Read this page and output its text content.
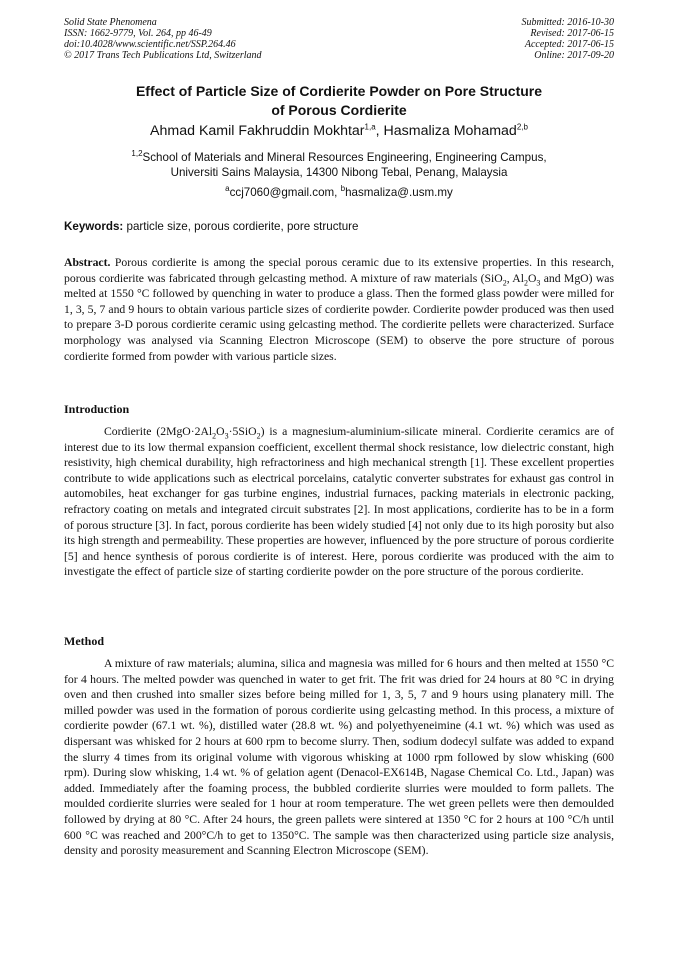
Solid State Phenomena
ISSN: 1662-9779, Vol. 264, pp 46-49
doi:10.4028/www.scientific.net/SSP.264.46
© 2017 Trans Tech Publications Ltd, Switzerland
Submitted: 2016-10-30
Revised: 2017-06-15
Accepted: 2017-06-15
Online: 2017-09-20
Effect of Particle Size of Cordierite Powder on Pore Structure
of Porous Cordierite
Ahmad Kamil Fakhruddin Mokhtar$^{1,a}$, Hasmaliza Mohamad$^{2,b}$
$^{1,2}$School of Materials and Mineral Resources Engineering, Engineering Campus,
Universiti Sains Malaysia, 14300 Nibong Tebal, Penang, Malaysia
$^a$ccj7060@gmail.com, $^b$hasmaliza@.usm.my
Keywords: particle size, porous cordierite, pore structure
Abstract. Porous cordierite is among the special porous ceramic due to its extensive properties. In this research, porous cordierite was fabricated through gelcasting method. A mixture of raw materials (SiO$_2$, $Al_2O_3$ and MgO) was melted at 1550 °C followed by quenching in water to produce a glass. Then the formed glass powder were milled for 1, 3, 5, 7 and 9 hours to obtain various particle sizes of cordierite powder. Cordierite powder produced was then used to prepare 3-D porous cordierite ceramic using gelcasting method. The cordierite pellets were characterized. Surface morphology was analysed via Scanning Electron Microscope (SEM) to observe the pore structure of porous cordierite formed from powder with various particle sizes.
Introduction
Cordierite $(2MgO\cdot 2Al_2O_3\cdot 5SiO_2)$ is a magnesium-aluminium-silicate mineral. Cordierite ceramics are of interest due to its low thermal expansion coefficient, excellent thermal shock resistance, low dielectric constant, high resistivity, high chemical durability, high refractoriness and high mechanical strength [1]. These excellent properties contribute to wide applications such as electrical porcelains, catalytic converter substrates for exhaust gas control in automobiles, heat exchanger for gas turbine engines, industrial furnaces, packing materials in electronic packing, refractory coating on metals and integrated circuit substrates [2]. In most applications, cordierite has to be in a form of porous structure [3]. In fact, porous cordierite has been widely studied [4] not only due to its high porosity but also its high strength and permeability. These properties are however, influenced by the pore structure of porous cordierite [5] and hence synthesis of porous cordierite is of interest. Here, porous cordierite was produced with the aim to investigate the effect of particle size of starting cordierite powder on the pore structure of the porous cordierite.
Method
A mixture of raw materials; alumina, silica and magnesia was milled for 6 hours and then melted at 1550 °C for 4 hours. The melted powder was quenched in water to get frit. The frit was dried for 24 hours at 80 °C in drying oven and then crushed into smaller sizes before being milled for 1, 3, 5, 7 and 9 hours using planatery mill. The milled powder was used in the formation of porous cordierite using gelcasting method. In this process, a mixture of cordierite powder (67.1 wt. %), distilled water (28.8 wt. %) and polyethyeneimine (4.1 wt. %) which was used as dispersant was whisked for 2 hours at 600 rpm to become slurry. Then, sodium dodecyl sulfate was added to expand the slurry 4 times from its original volume with vigorous whisking at 1000 rpm followed by slow whisking (600 rpm). During slow whisking, 1.4 wt. % of gelation agent (Denacol-EX614B, Nagase Chemical Co. Ltd., Japan) was added. Immediately after the foaming process, the bubbled cordierite slurries were moulded to form pallets. The moulded cordierite slurries were sealed for 1 hour at room temperature. The wet green pellets were then demoulded followed by drying at 80 °C. After 24 hours, the green pallets were sintered at 1350 °C for 2 hours at 100 °C/h until 600 °C was reached and 200°C/h to get to 1350°C. The sample was then characterized using particle size analysis, density and porosity measurement and Scanning Electron Microscope (SEM).
